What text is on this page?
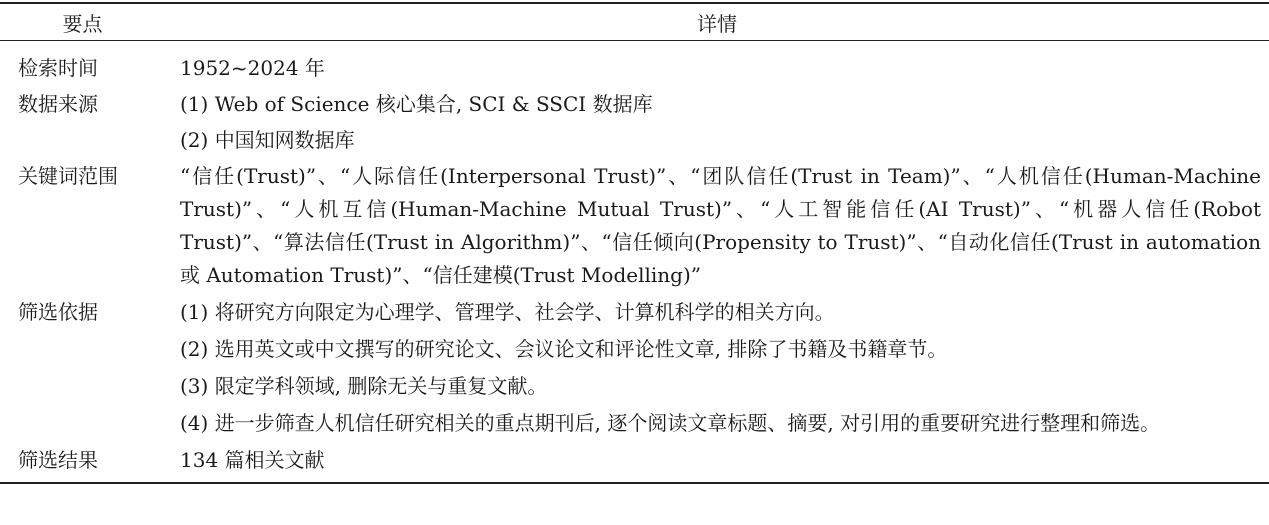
要点	详情

检索时间	1952~2024 年

数据来源	(1) Web of Science 核心集合, SCI & SSCI 数据库
(2) 中国知网数据库

关键词范围	“信任(Trust)”、“人际信任(Interpersonal Trust)”、“团队信任(Trust in Team)”、“人机信任(Human-Machine Trust)”、“人机互信(Human-Machine Mutual Trust)”、“人工智能信任(AI Trust)”、“机器人信任(Robot Trust)”、“算法信任(Trust in Algorithm)”、“信任倾向(Propensity to Trust)”、“自动化信任(Trust in automation 或 Automation Trust)”、“信任建模(Trust Modelling)”

筛选依据	(1) 将研究方向限定为心理学、管理学、社会学、计算机科学的相关方向。
(2) 选用英文或中文撰写的研究论文、会议论文和评论性文章, 排除了书籍及书籍章节。
(3) 限定学科领域, 删除无关与重复文献。
(4) 进一步筛查人机信任研究相关的重点期刊后, 逐个阅读文章标题、摘要, 对引用的重要研究进行整理和筛选。

筛选结果	134 篇相关文献
